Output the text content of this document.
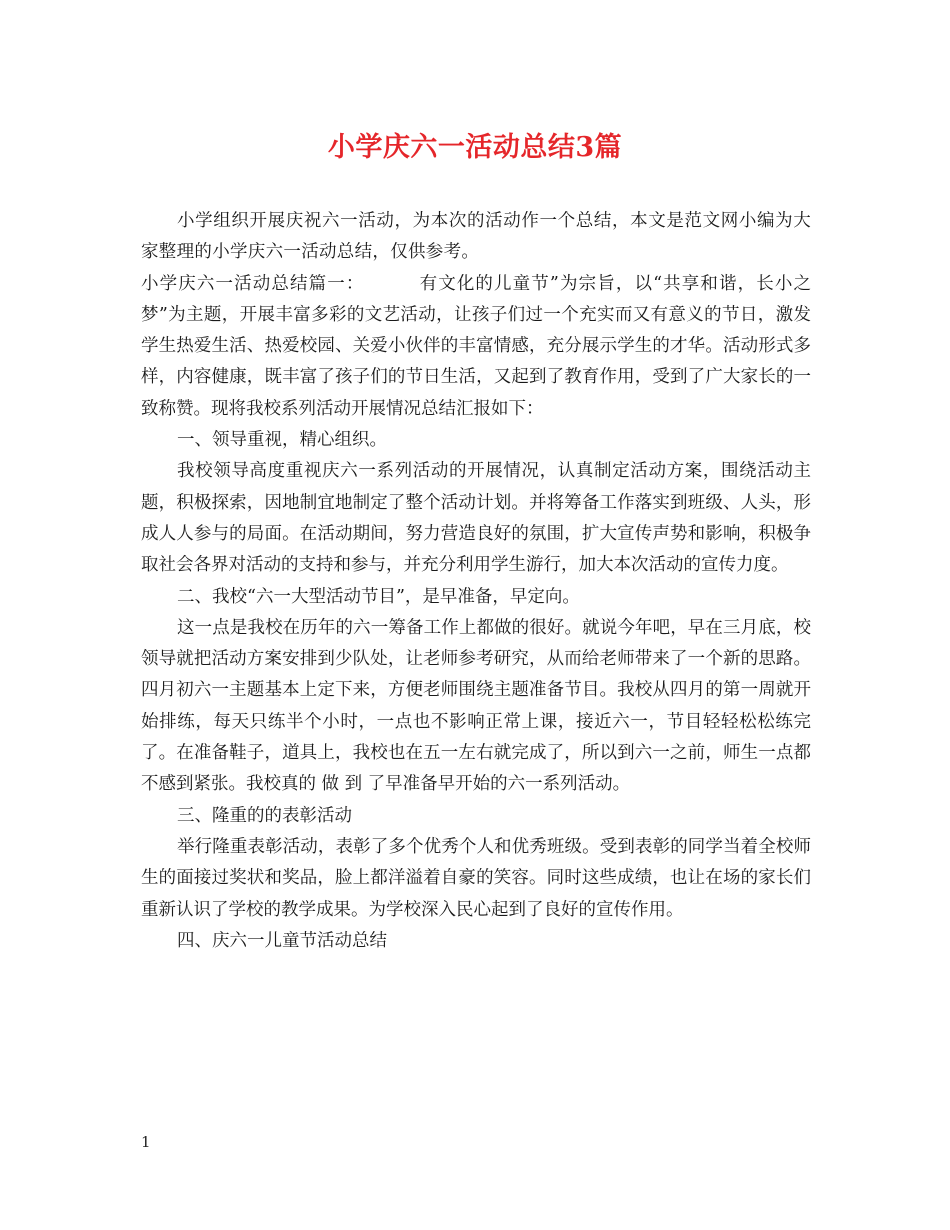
小学庆六一活动总结3篇

小学组织开展庆祝六一活动，为本次的活动作一个总结，本文是范文网小编为大家整理的小学庆六一活动总结，仅供参考。

小学庆六一活动总结篇一：	有文化的儿童节”为宗旨，以“共享和谐，长小之梦”为主题，开展丰富多彩的文艺活动，让孩子们过一个充实而又有意义的节日，激发学生热爱生活、热爱校园、关爱小伙伴的丰富情感，充分展示学生的才华。活动形式多样，内容健康，既丰富了孩子们的节日生活，又起到了教育作用，受到了广大家长的一致称赞。现将我校系列活动开展情况总结汇报如下：

一、领导重视，精心组织。

我校领导高度重视庆六一系列活动的开展情况，认真制定活动方案，围绕活动主题，积极探索，因地制宜地制定了整个活动计划。并将筹备工作落实到班级、人头，形成人人参与的局面。在活动期间，努力营造良好的氛围，扩大宣传声势和影响，积极争取社会各界对活动的支持和参与，并充分利用学生游行，加大本次活动的宣传力度。

二、我校“六一大型活动节目”，是早准备，早定向。

这一点是我校在历年的六一筹备工作上都做的很好。就说今年吧，早在三月底，校领导就把活动方案安排到少队处，让老师参考研究，从而给老师带来了一个新的思路。四月初六一主题基本上定下来，方便老师围绕主题准备节目。我校从四月的第一周就开始排练，每天只练半个小时，一点也不影响正常上课，接近六一，节目轻轻松松练完了。在准备鞋子，道具上，我校也在五一左右就完成了，所以到六一之前，师生一点都不感到紧张。我校真的 做 到 了早准备早开始的六一系列活动。

三、隆重的的表彰活动

举行隆重表彰活动，表彰了多个优秀个人和优秀班级。受到表彰的同学当着全校师生的面接过奖状和奖品，脸上都洋溢着自豪的笑容。同时这些成绩，也让在场的家长们重新认识了学校的教学成果。为学校深入民心起到了良好的宣传作用。

四、庆六一儿童节活动总结

1
